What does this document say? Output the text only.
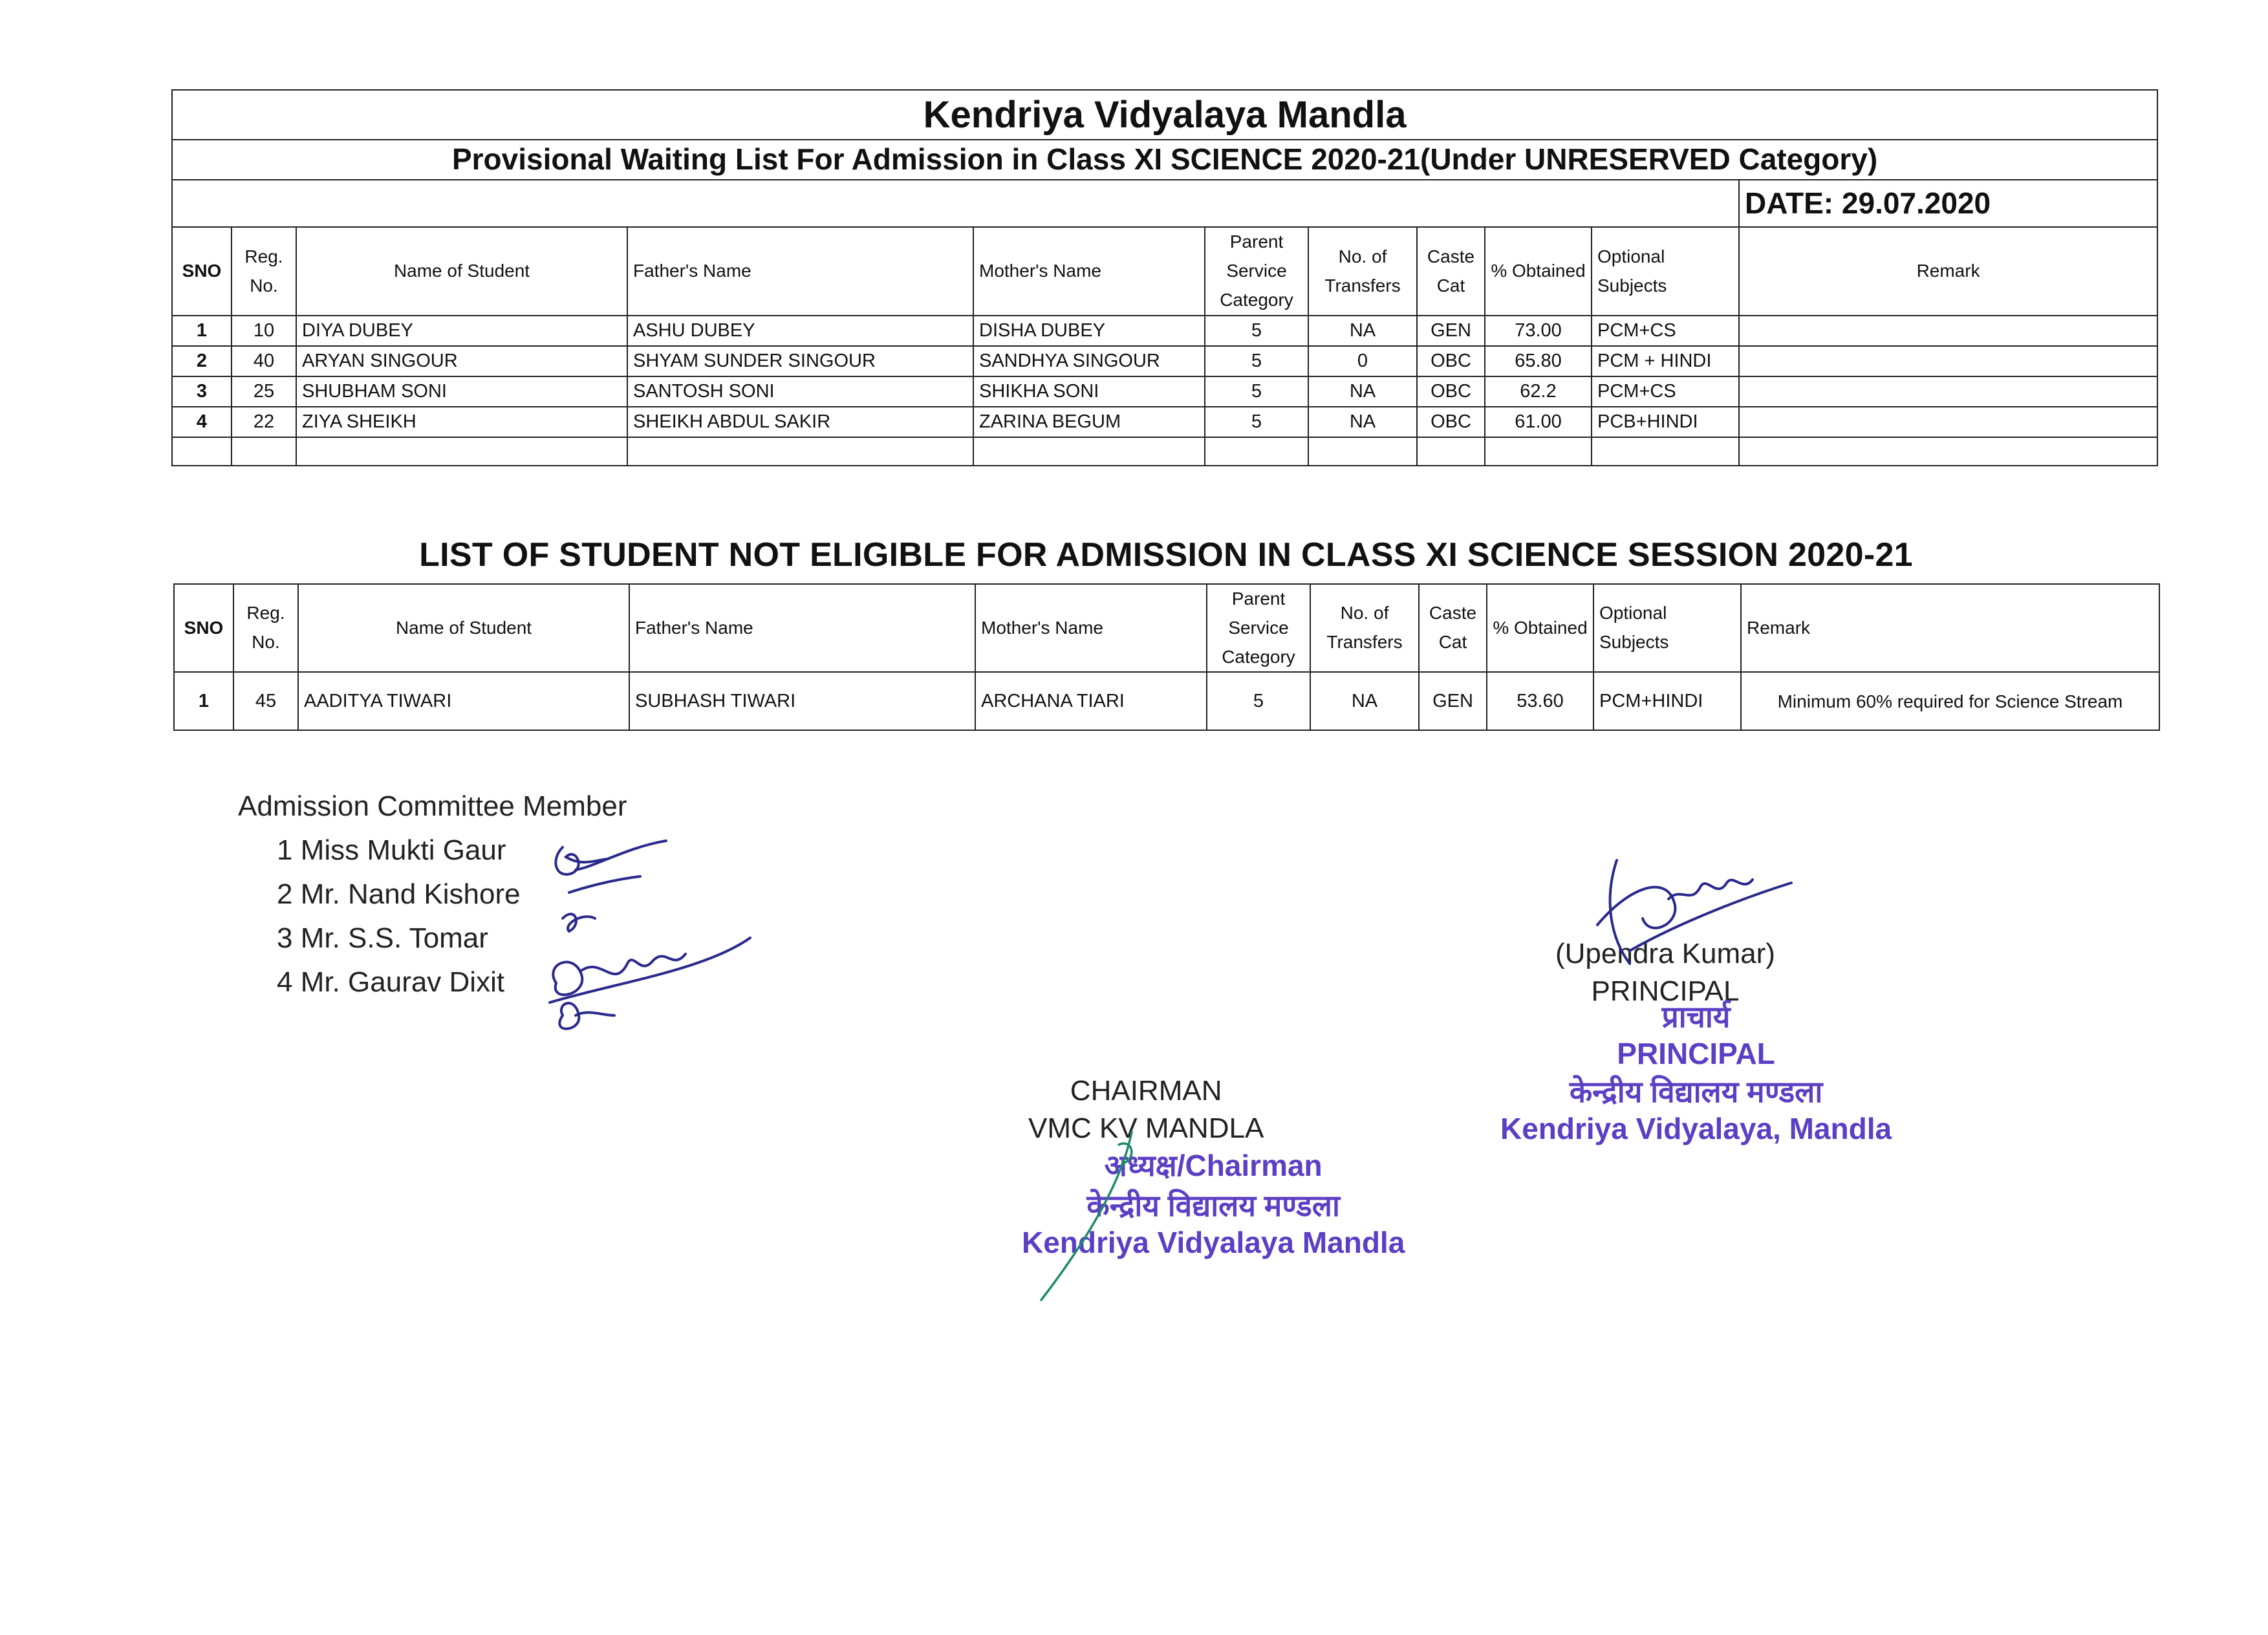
Kendriya Vidyalaya Mandla										
Provisional Waiting List For Admission in Class XI SCIENCE 2020-21(Under UNRESERVED Category)										
										DATE: 29.07.2020
SNO	Reg. No.	Name of Student	Father's Name	Mother's Name	Parent Service Category	No. of Transfers	Caste Cat	% Obtained	Optional Subjects	Remark
1	10	DIYA DUBEY	ASHU DUBEY	DISHA DUBEY	5	NA	GEN	73.00	PCM+CS	
2	40	ARYAN SINGOUR	SHYAM SUNDER SINGOUR	SANDHYA SINGOUR	5	0	OBC	65.80	PCM + HINDI	
3	25	SHUBHAM SONI	SANTOSH SONI	SHIKHA SONI	5	NA	OBC	62.2	PCM+CS	
4	22	ZIYA SHEIKH	SHEIKH ABDUL SAKIR	ZARINA BEGUM	5	NA	OBC	61.00	PCB+HINDI	

LIST OF STUDENT NOT ELIGIBLE FOR ADMISSION IN CLASS XI SCIENCE SESSION 2020-21
SNO	Reg. No.	Name of Student	Father's Name	Mother's Name	Parent Service Category	No. of Transfers	Caste Cat	% Obtained	Optional Subjects	Remark
1	45	AADITYA TIWARI	SUBHASH TIWARI	ARCHANA TIARI	5	NA	GEN	53.60	PCM+HINDI	Minimum 60% required for Science Stream
Admission Committee Member
1 Miss Mukti Gaur
2 Mr. Nand Kishore
3 Mr. S.S. Tomar
4 Mr. Gaurav Dixit
(Upendra Kumar)
PRINCIPAL
प्राचार्य
PRINCIPAL
केन्द्रीय विद्यालय मण्डला
Kendriya Vidyalaya, Mandla
CHAIRMAN
VMC KV MANDLA
अध्यक्ष/Chairman
केन्द्रीय विद्यालय मण्डला
Kendriya Vidyalaya Mandla
